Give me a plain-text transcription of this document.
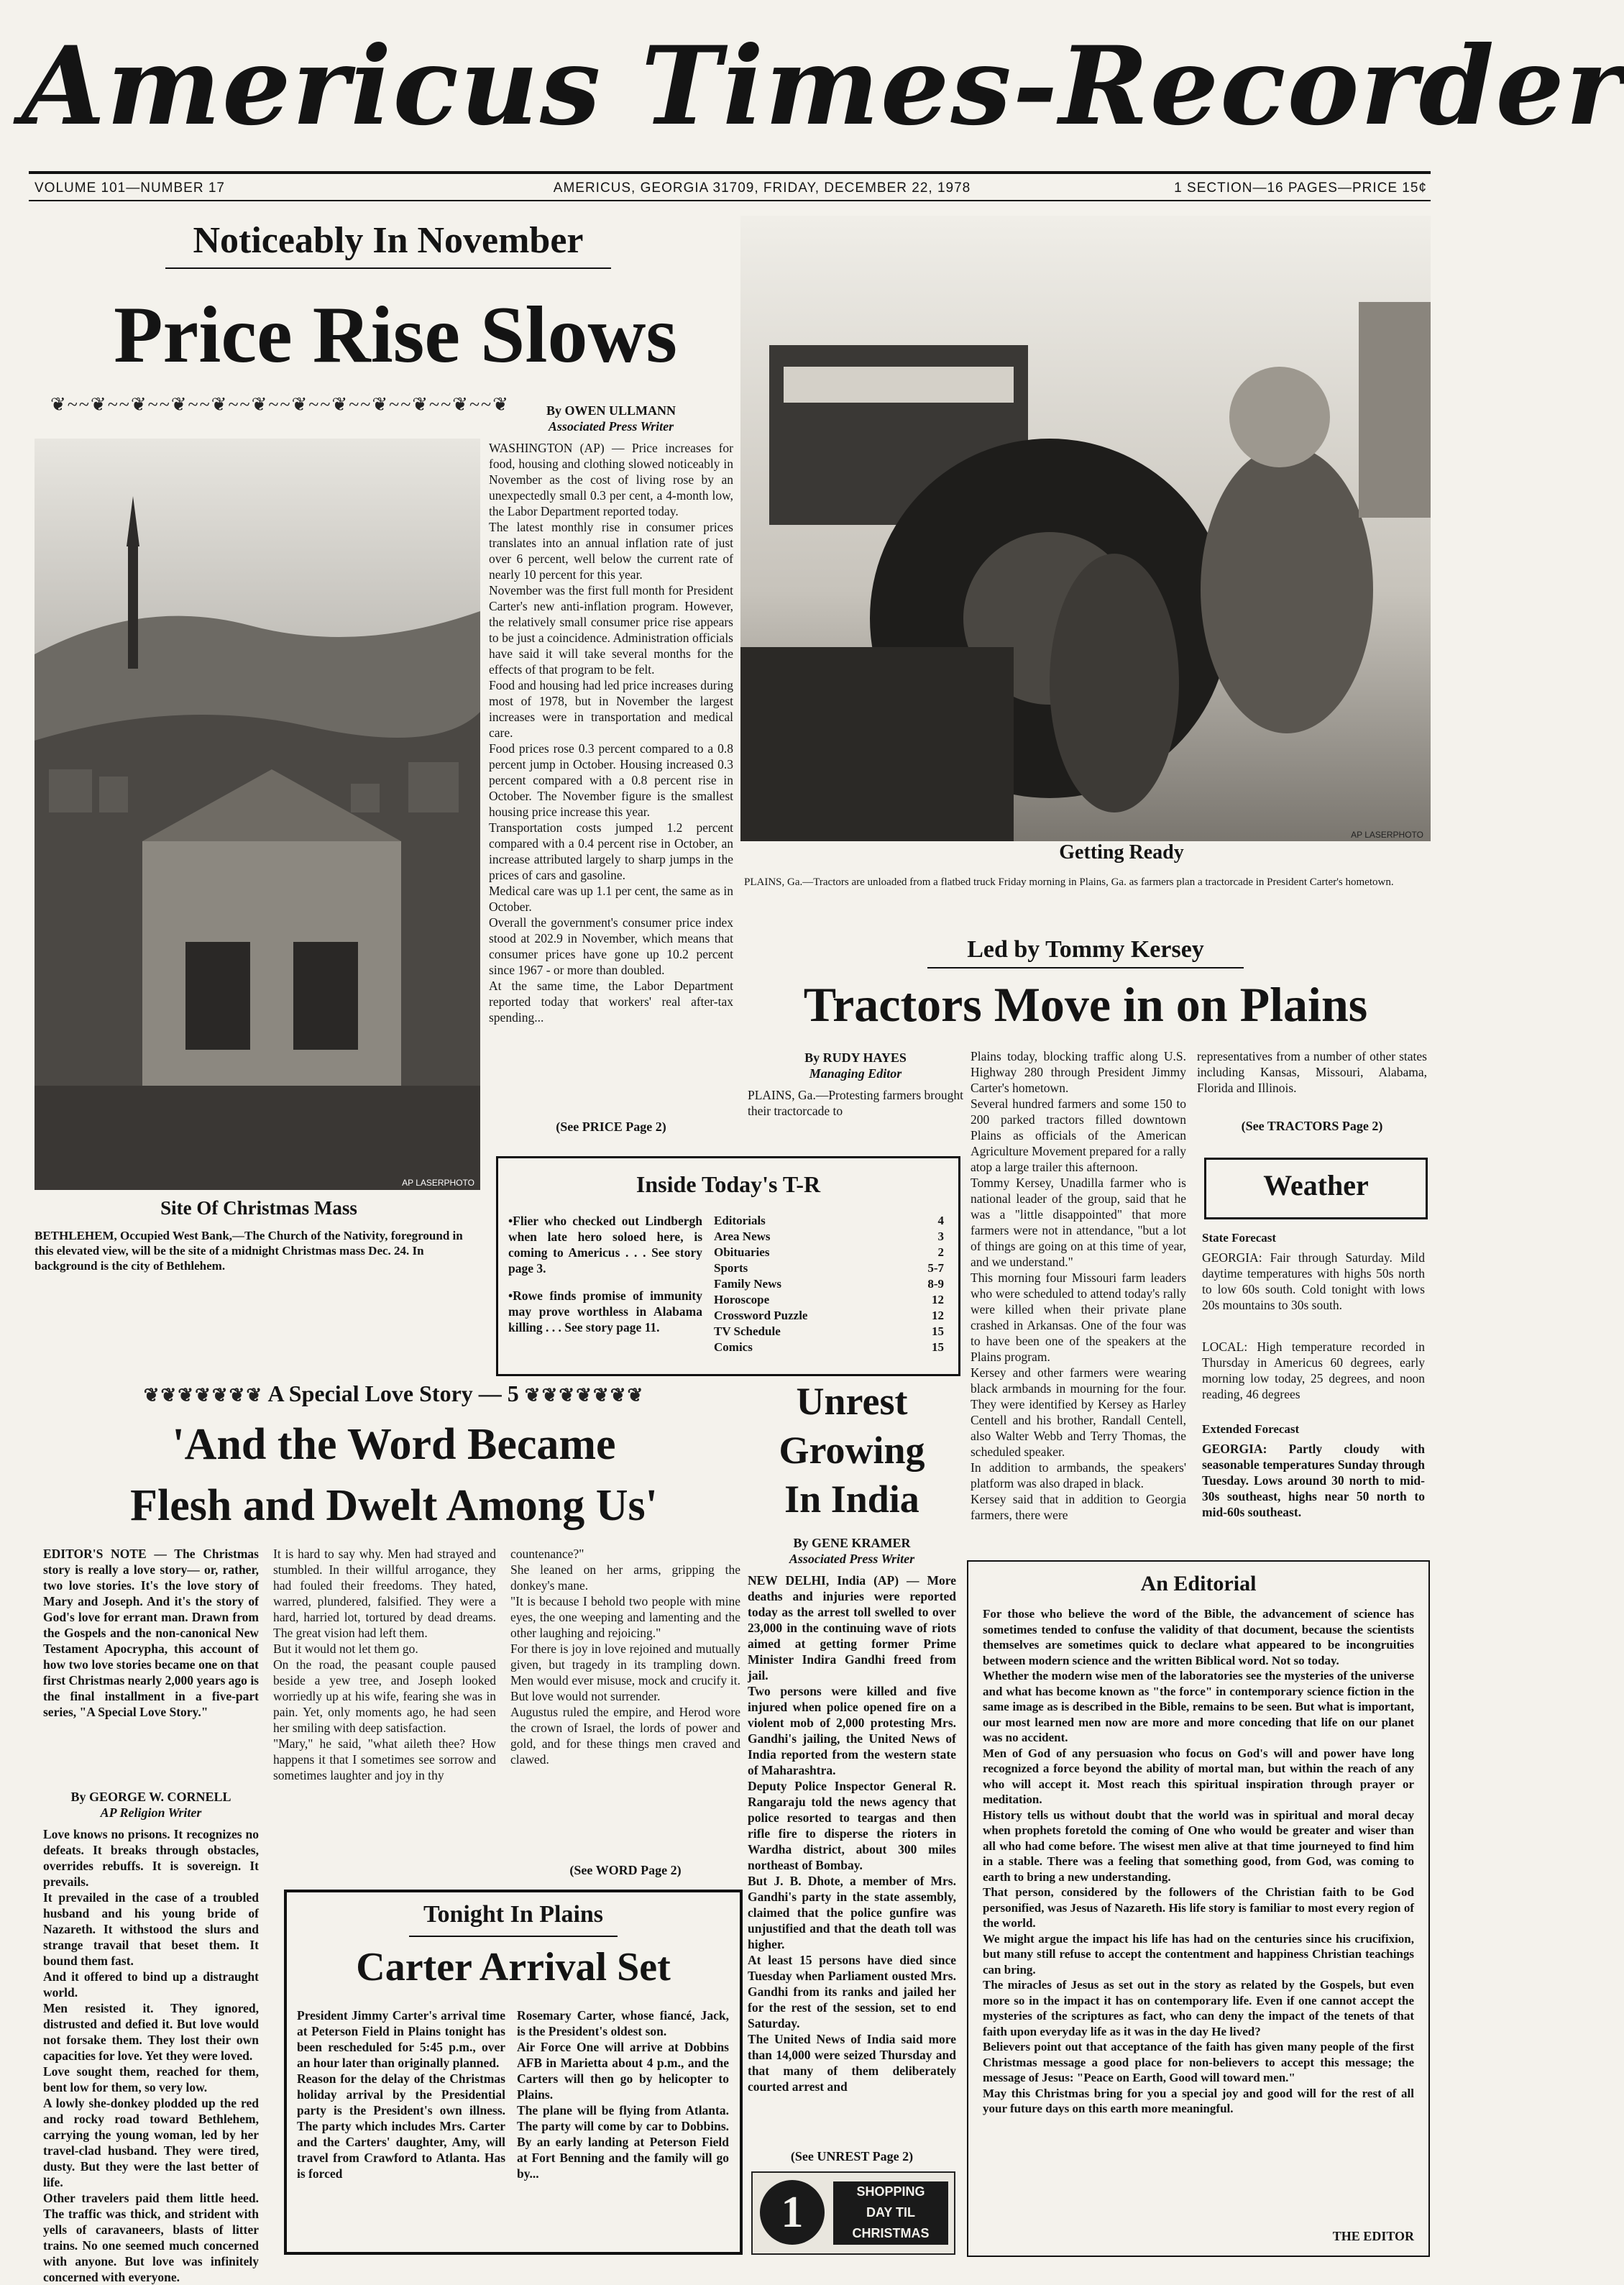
Americus Times-Recorder
VOLUME 101—NUMBER 17	AMERICUS, GEORGIA 31709, FRIDAY, DECEMBER 22, 1978	1 SECTION—16 PAGES—PRICE 15¢
Noticeably In November
Price Rise Slows
❦~~❦~~❦~~❦~~❦~~❦~~❦~~❦~~❦~~❦~~❦~~❦	By OWEN ULLMANN
Associated Press Writer
WASHINGTON (AP) — Price increases for food, housing and clothing slowed noticeably in November as the cost of living rose by an unexpectedly small 0.3 per cent, a 4-month low, the Labor Department reported today.
The latest monthly rise in consumer prices translates into an annual inflation rate of just over 6 percent, well below the current rate of nearly 10 percent for this year.
November was the first full month for President Carter's new anti-inflation program. However, the relatively small consumer price rise appears to be just a coincidence. Administration officials have said it will take several months for the effects of that program to be felt.
Food and housing had led price increases during most of 1978, but in November the largest increases were in transportation and medical care.
Food prices rose 0.3 percent compared to a 0.8 percent jump in October. Housing increased 0.3 percent compared with a 0.8 percent rise in October. The November figure is the smallest housing price increase this year.
Transportation costs jumped 1.2 percent compared with a 0.4 percent rise in October, an increase attributed largely to sharp jumps in the prices of cars and gasoline.
Medical care was up 1.1 per cent, the same as in October.
Overall the government's consumer price index stood at 202.9 in November, which means that consumer prices have gone up 10.2 percent since 1967 - or more than doubled.
At the same time, the Labor Department reported today that workers' real after-tax spending...
(See PRICE Page 2)
AP LASERPHOTO
Site Of Christmas Mass
BETHLEHEM, Occupied West Bank,—The Church of the Nativity, foreground in this elevated view, will be the site of a midnight Christmas mass Dec. 24. In background is the city of Bethlehem.
AP LASERPHOTO
Getting Ready
PLAINS, Ga.—Tractors are unloaded from a flatbed truck Friday morning in Plains, Ga. as farmers plan a tractorcade in President Carter's hometown.
Led by Tommy Kersey
Tractors Move in on Plains
By RUDY HAYES
Managing Editor
PLAINS, Ga.—Protesting farmers brought their tractorcade to
Plains today, blocking traffic along U.S. Highway 280 through President Jimmy Carter's hometown.
Several hundred farmers and some 150 to 200 parked tractors filled downtown Plains as officials of the American Agriculture Movement prepared for a rally atop a large trailer this afternoon.
Tommy Kersey, Unadilla farmer who is national leader of the group, said that he was a "little disappointed" that more farmers were not in attendance, "but a lot of things are going on at this time of year, and we understand."
This morning four Missouri farm leaders who were scheduled to attend today's rally were killed when their private plane crashed in Arkansas. One of the four was to have been one of the speakers at the Plains program.
Kersey and other farmers were wearing black armbands in mourning for the four. They were identified by Kersey as Harley Centell and his brother, Randall Centell, also Walter Webb and Terry Thomas, the scheduled speaker.
In addition to armbands, the speakers' platform was also draped in black.
Kersey said that in addition to Georgia farmers, there were
representatives from a number of other states including Kansas, Missouri, Alabama, Florida and Illinois.
(See TRACTORS Page 2)
Inside Today's T-R
•Flier who checked out Lindbergh when late hero soloed here, is coming to Americus . . . See story page 3.
•Rowe finds promise of immunity may prove worthless in Alabama killing . . . See story page 11.
Editorials	4
Area News	3
Obituaries	2
Sports	5-7
Family News	8-9
Horoscope	12
Crossword Puzzle	12
TV Schedule	15
Comics	15
Weather
State Forecast
GEORGIA: Fair through Saturday. Mild daytime temperatures with highs 50s north to low 60s south. Cold tonight with lows 20s mountains to 30s south.
LOCAL: High temperature recorded in Thursday in Americus 60 degrees, early morning low today, 25 degrees, and noon reading, 46 degrees
Extended Forecast
GEORGIA: Partly cloudy with seasonable temperatures Sunday through Tuesday. Lows around 30 north to mid-30s southeast, highs near 50 north to mid-60s southeast.
❦❦❦❦❦❦❦ A Special Love Story — 5 ❦❦❦❦❦❦❦
'And the Word Became
Flesh and Dwelt Among Us'
EDITOR'S NOTE — The Christmas story is really a love story— or, rather, two love stories. It's the love story of Mary and Joseph. And it's the story of God's love for errant man. Drawn from the Gospels and the non-canonical New Testament Apocrypha, this account of how two love stories became one on that first Christmas nearly 2,000 years ago is the final installment in a five-part series, "A Special Love Story."
By GEORGE W. CORNELL
AP Religion Writer
Love knows no prisons. It recognizes no defeats. It breaks through obstacles, overrides rebuffs. It is sovereign. It prevails.
It prevailed in the case of a troubled husband and his young bride of Nazareth. It withstood the slurs and strange travail that beset them. It bound them fast.
And it offered to bind up a distraught world.
Men resisted it. They ignored, distrusted and defied it. But love would not forsake them. They lost their own capacities for love. Yet they were loved.
Love sought them, reached for them, bent low for them, so very low.
A lowly she-donkey plodded up the red and rocky road toward Bethlehem, carrying the young woman, led by her travel-clad husband. They were tired, dusty. But they were the last better of life.
Other travelers paid them little heed. The traffic was thick, and strident with yells of caravaneers, blasts of litter trains. No one seemed much concerned with anyone. But love was infinitely concerned with everyone.
It is hard to say why. Men had strayed and stumbled. In their willful arrogance, they had fouled their freedoms. They hated, warred, plundered, falsified. They were a hard, harried lot, tortured by dead dreams. The great vision had left them.
But it would not let them go.
On the road, the peasant couple paused beside a yew tree, and Joseph looked worriedly up at his wife, fearing she was in pain. Yet, only moments ago, he had seen her smiling with deep satisfaction.
"Mary," he said, "what aileth thee? How happens it that I sometimes see sorrow and sometimes laughter and joy in thy
countenance?"
She leaned on her arms, gripping the donkey's mane.
"It is because I behold two people with mine eyes, the one weeping and lamenting and the other laughing and rejoicing."
For there is joy in love rejoined and mutually given, but tragedy in its trampling down. Men would ever misuse, mock and crucify it. But love would not surrender.
Augustus ruled the empire, and Herod wore the crown of Israel, the lords of power and gold, and for these things men craved and clawed.
(See WORD Page 2)
Tonight In Plains
Carter Arrival Set
President Jimmy Carter's arrival time at Peterson Field in Plains tonight has been rescheduled for 5:45 p.m., over an hour later than originally planned.
Reason for the delay of the Christmas holiday arrival by the Presidential party is the President's own illness. The party which includes Mrs. Carter and the Carters' daughter, Amy, will travel from Crawford to Atlanta. Has is forced
Rosemary Carter, whose fiancé, Jack, is the President's oldest son.
Air Force One will arrive at Dobbins AFB in Marietta about 4 p.m., and the Carters will then go by helicopter to Plains.
The plane will be flying from Atlanta. The party will come by car to Dobbins. By an early landing at Peterson Field at Fort Benning and the family will go by...
Unrest
Growing
In India
By GENE KRAMER
Associated Press Writer
NEW DELHI, India (AP) — More deaths and injuries were reported today as the arrest toll swelled to over 23,000 in the continuing wave of riots aimed at getting former Prime Minister Indira Gandhi freed from jail.
Two persons were killed and five injured when police opened fire on a violent mob of 2,000 protesting Mrs. Gandhi's jailing, the United News of India reported from the western state of Maharashtra.
Deputy Police Inspector General R. Rangaraju told the news agency that police resorted to teargas and then rifle fire to disperse the rioters in Wardha district, about 300 miles northeast of Bombay.
But J. B. Dhote, a member of Mrs. Gandhi's party in the state assembly, claimed that the police gunfire was unjustified and that the death toll was higher.
At least 15 persons have died since Tuesday when Parliament ousted Mrs. Gandhi from its ranks and jailed her for the rest of the session, set to end Saturday.
The United News of India said more than 14,000 were seized Thursday and that many of them deliberately courted arrest and
(See UNREST Page 2)
1	SHOPPING
DAY TIL
CHRISTMAS
An Editorial
For those who believe the word of the Bible, the advancement of science has sometimes tended to confuse the validity of that document, because the scientists themselves are sometimes quick to declare what appeared to be incongruities between modern science and the written Biblical word. Not so today.
Whether the modern wise men of the laboratories see the mysteries of the universe and what has become known as "the force" in contemporary science fiction in the same image as is described in the Bible, remains to be seen. But what is important, our most learned men now are more and more conceding that life on our planet was no accident.
Men of God of any persuasion who focus on God's will and power have long recognized a force beyond the ability of mortal man, but within the reach of any who will accept it. Most reach this spiritual inspiration through prayer or meditation.
History tells us without doubt that the world was in spiritual and moral decay when prophets foretold the coming of One who would be greater and wiser than all who had come before. The wisest men alive at that time journeyed to find him in a stable. There was a feeling that something good, from God, was coming to earth to bring a new understanding.
That person, considered by the followers of the Christian faith to be God personified, was Jesus of Nazareth. His life story is familiar to most every region of the world.
We might argue the impact his life has had on the centuries since his crucifixion, but many still refuse to accept the contentment and happiness Christian teachings can bring.
The miracles of Jesus as set out in the story as related by the Gospels, but even more so in the impact it has on contemporary life. Even if one cannot accept the mysteries of the scriptures as fact, who can deny the impact of the tenets of that faith upon everyday life as it was in the day He lived?
Believers point out that acceptance of the faith has given many people of the first Christmas message a good place for non-believers to accept this message; the message of Jesus: "Peace on Earth, Good will toward men."
May this Christmas bring for you a special joy and good will for the rest of all your future days on this earth more meaningful.
THE EDITOR
